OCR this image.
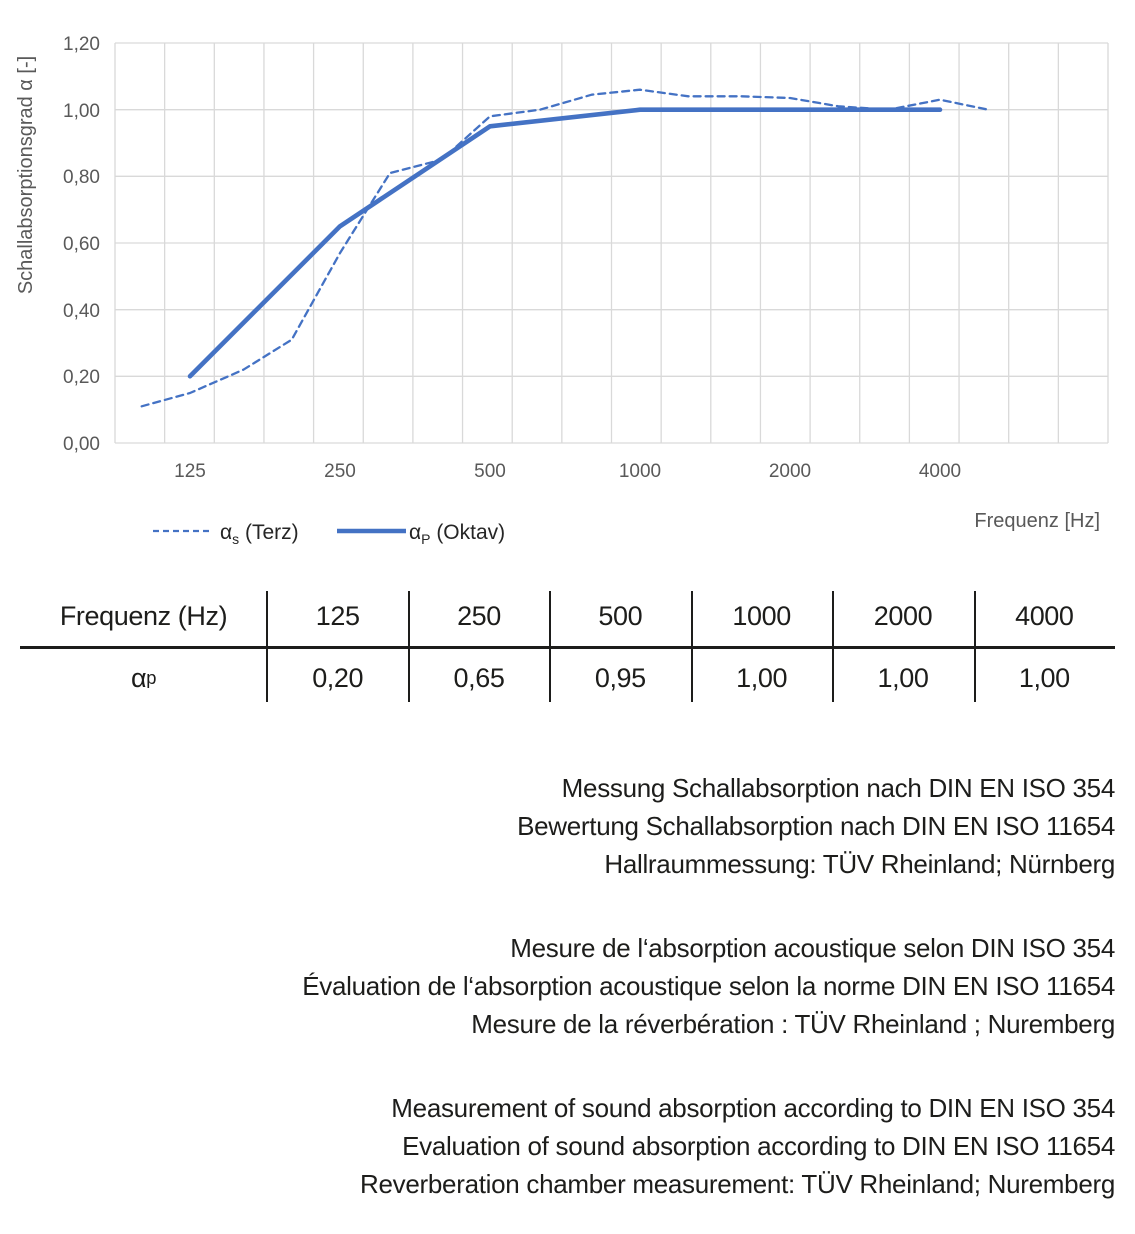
1,20
1,00
0,80
0,60
0,40
0,20
0,00
125	250	500	1000	2000	4000
Schallabsorptionsgrad α [-]
Frequenz [Hz]
$\alpha_s$ (Terz)	$\alpha_P$ (Oktav)
Frequenz (Hz)	125	250	500	1000	2000	4000
α p	0,20	0,65	0,95	1,00	1,00	1,00

Messung Schallabsorption nach DIN EN ISO 354

Bewertung Schallabsorption nach DIN EN ISO 11654

Hallraummessung: TÜV Rheinland; Nürnberg

Mesure de l‘absorption acoustique selon DIN ISO 354

Évaluation de l‘absorption acoustique selon la norme DIN EN ISO 11654

Mesure de la réverbération : TÜV Rheinland ; Nuremberg

Measurement of sound absorption according to DIN EN ISO 354

Evaluation of sound absorption according to DIN EN ISO 11654

Reverberation chamber measurement: TÜV Rheinland; Nuremberg
